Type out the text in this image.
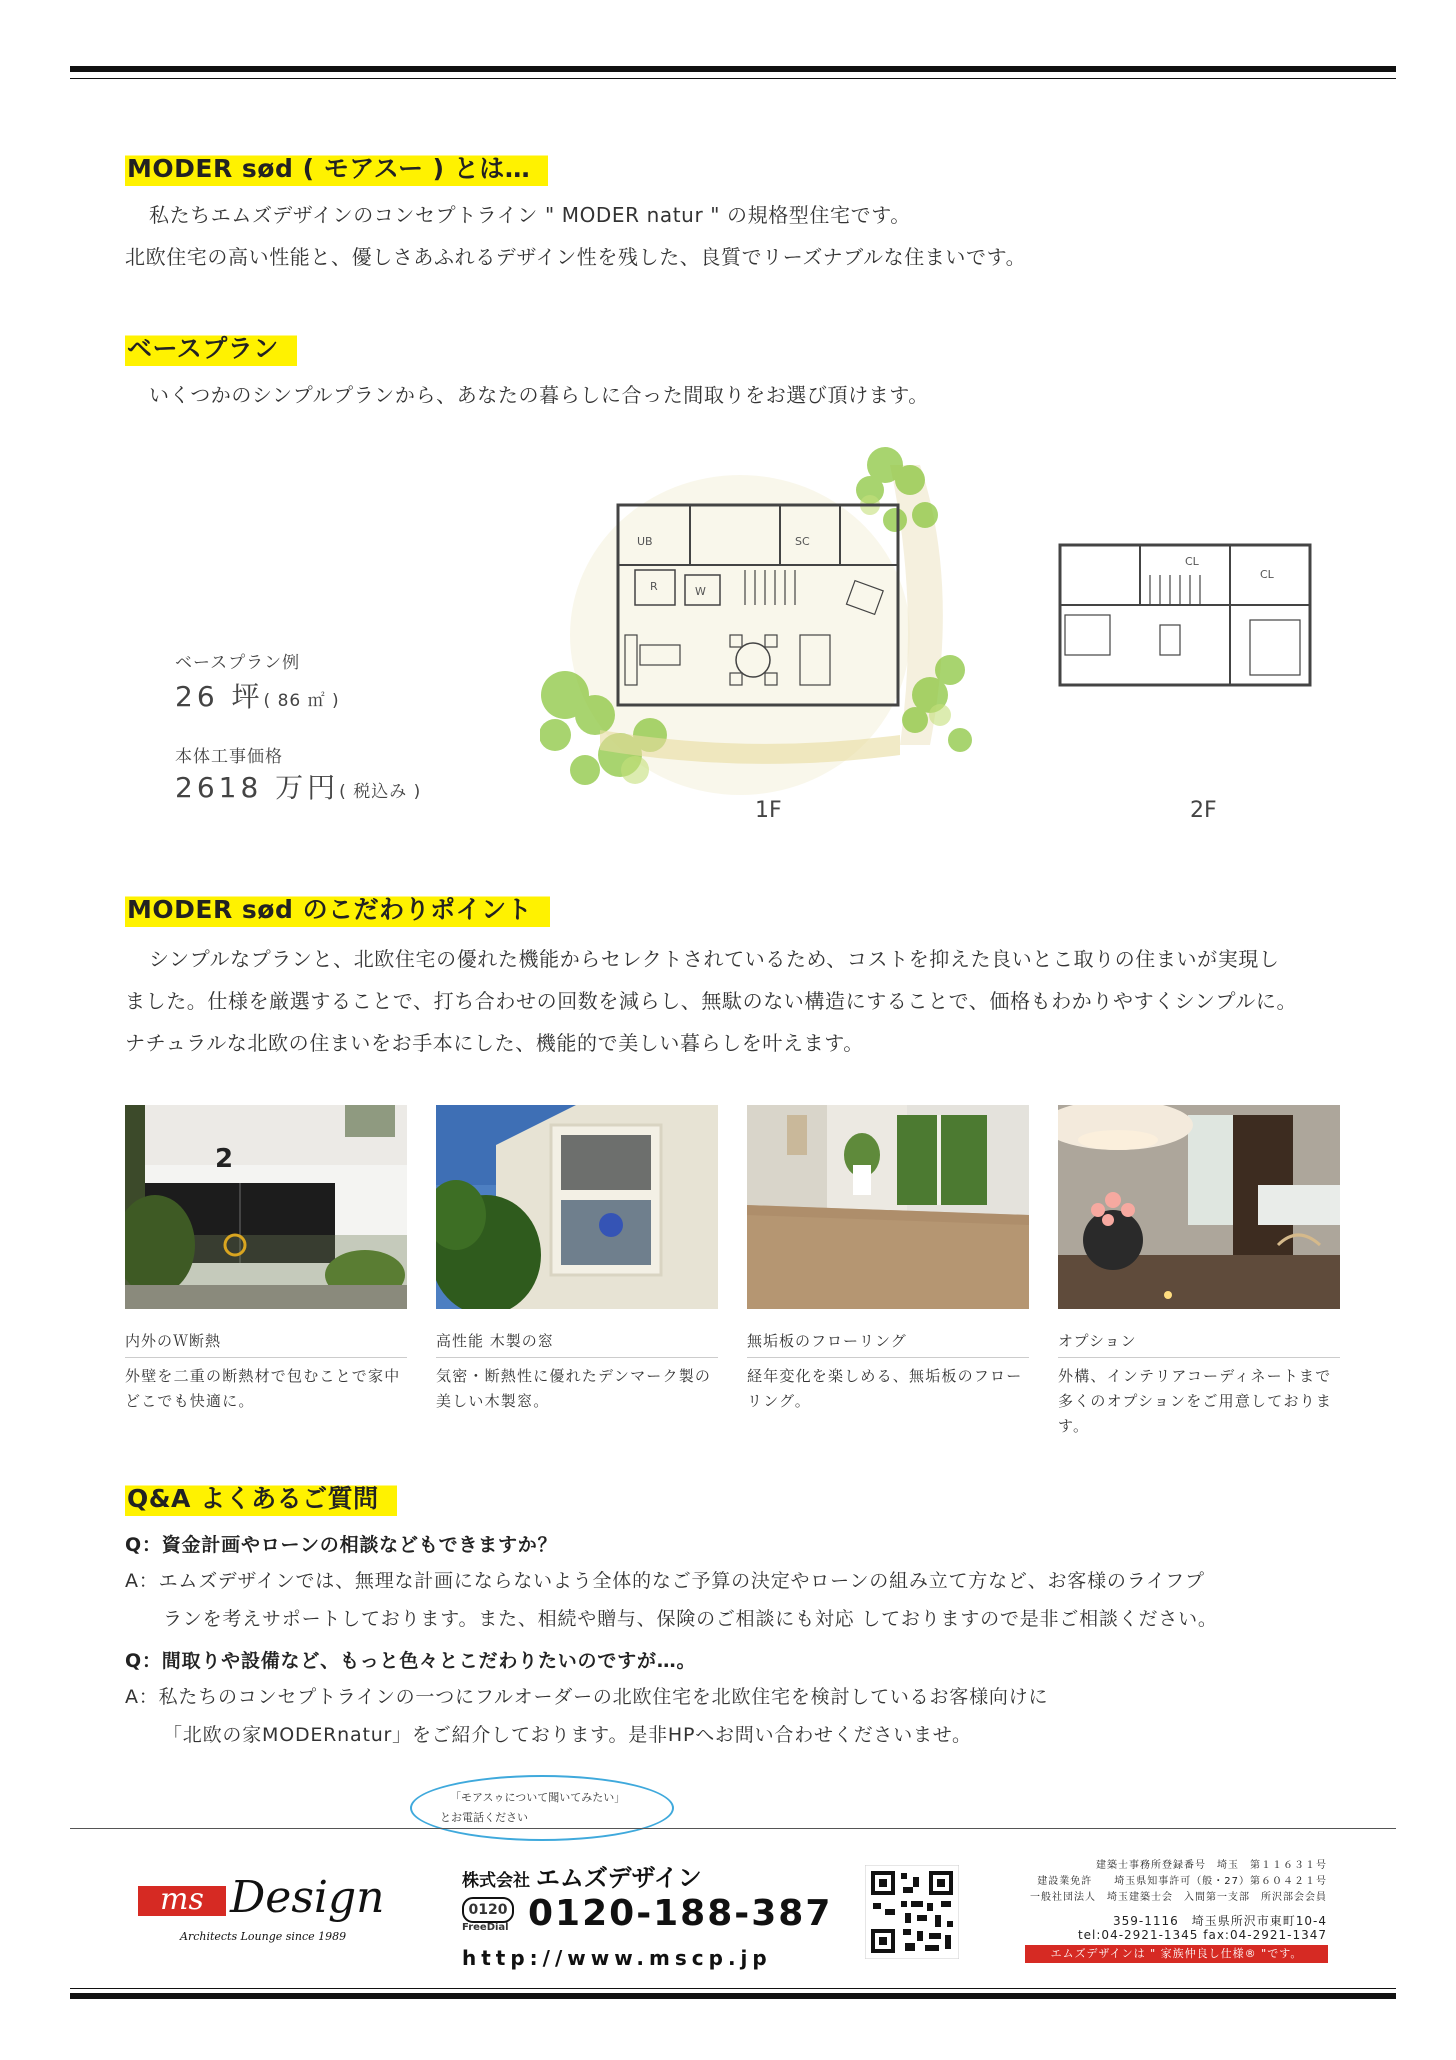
MODER sød ( モアスー ) とは…
私たちエムズデザインのコンセプトライン " MODER natur " の規格型住宅です。
北欧住宅の高い性能と、優しさあふれるデザイン性を残した、良質でリーズナブルな住まいです。
ベースプラン
いくつかのシンプルプランから、あなたの暮らしに合った間取りをお選び頂けます。
ベースプラン例
26 坪( 86 ㎡ )
本体工事価格
2618 万円( 税込み )
UB	SC
R	W
1F
CL
CL
2F
MODER sød のこだわりポイント
シンプルなプランと、北欧住宅の優れた機能からセレクトされているため、コストを抑えた良いとこ取りの住まいが実現し
ました。仕様を厳選することで、打ち合わせの回数を減らし、無駄のない構造にすることで、価格もわかりやすくシンプルに。
ナチュラルな北欧の住まいをお手本にした、機能的で美しい暮らしを叶えます。
2
内外のＷ断熱
外壁を二重の断熱材で包むことで家中どこでも快適に。
高性能 木製の窓
気密・断熱性に優れたデンマーク製の美しい木製窓。
無垢板のフローリング
経年変化を楽しめる、無垢板のフローリング。
オプション
外構、インテリアコーディネートまで多くのオプションをご用意しております。
Q&A よくあるご質問
Q：資金計画やローンの相談などもできますか？
A：エムズデザインでは、無理な計画にならないよう全体的なご予算の決定やローンの組み立て方など、お客様のライフプ
ランを考えサポートしております。また、相続や贈与、保険のご相談にも対応 しておりますので是非ご相談ください。
Q：間取りや設備など、もっと色々とこだわりたいのですが…。
A：私たちのコンセプトラインの一つにフルオーダーの北欧住宅を北欧住宅を検討しているお客様向けに
「北欧の家MODERnatur」をご紹介しております。是非HPへお問い合わせくださいませ。
「モアスゥについて聞いてみたい」
とお電話ください
ms Design
Architects Lounge since 1989
株式会社 エムズデザイン
0120
FreeDial 0120-188-387
http://www.mscp.jp
建築士事務所登録番号　埼玉　第１１６３１号
建設業免許　　埼玉県知事許可（般・27）第６０４２１号
一般社団法人　埼玉建築士会　入間第一支部　所沢部会会員
359-1116　埼玉県所沢市東町10-4
tel:04-2921-1345 fax:04-2921-1347
エムズデザインは " 家族仲良し仕様® "です。
